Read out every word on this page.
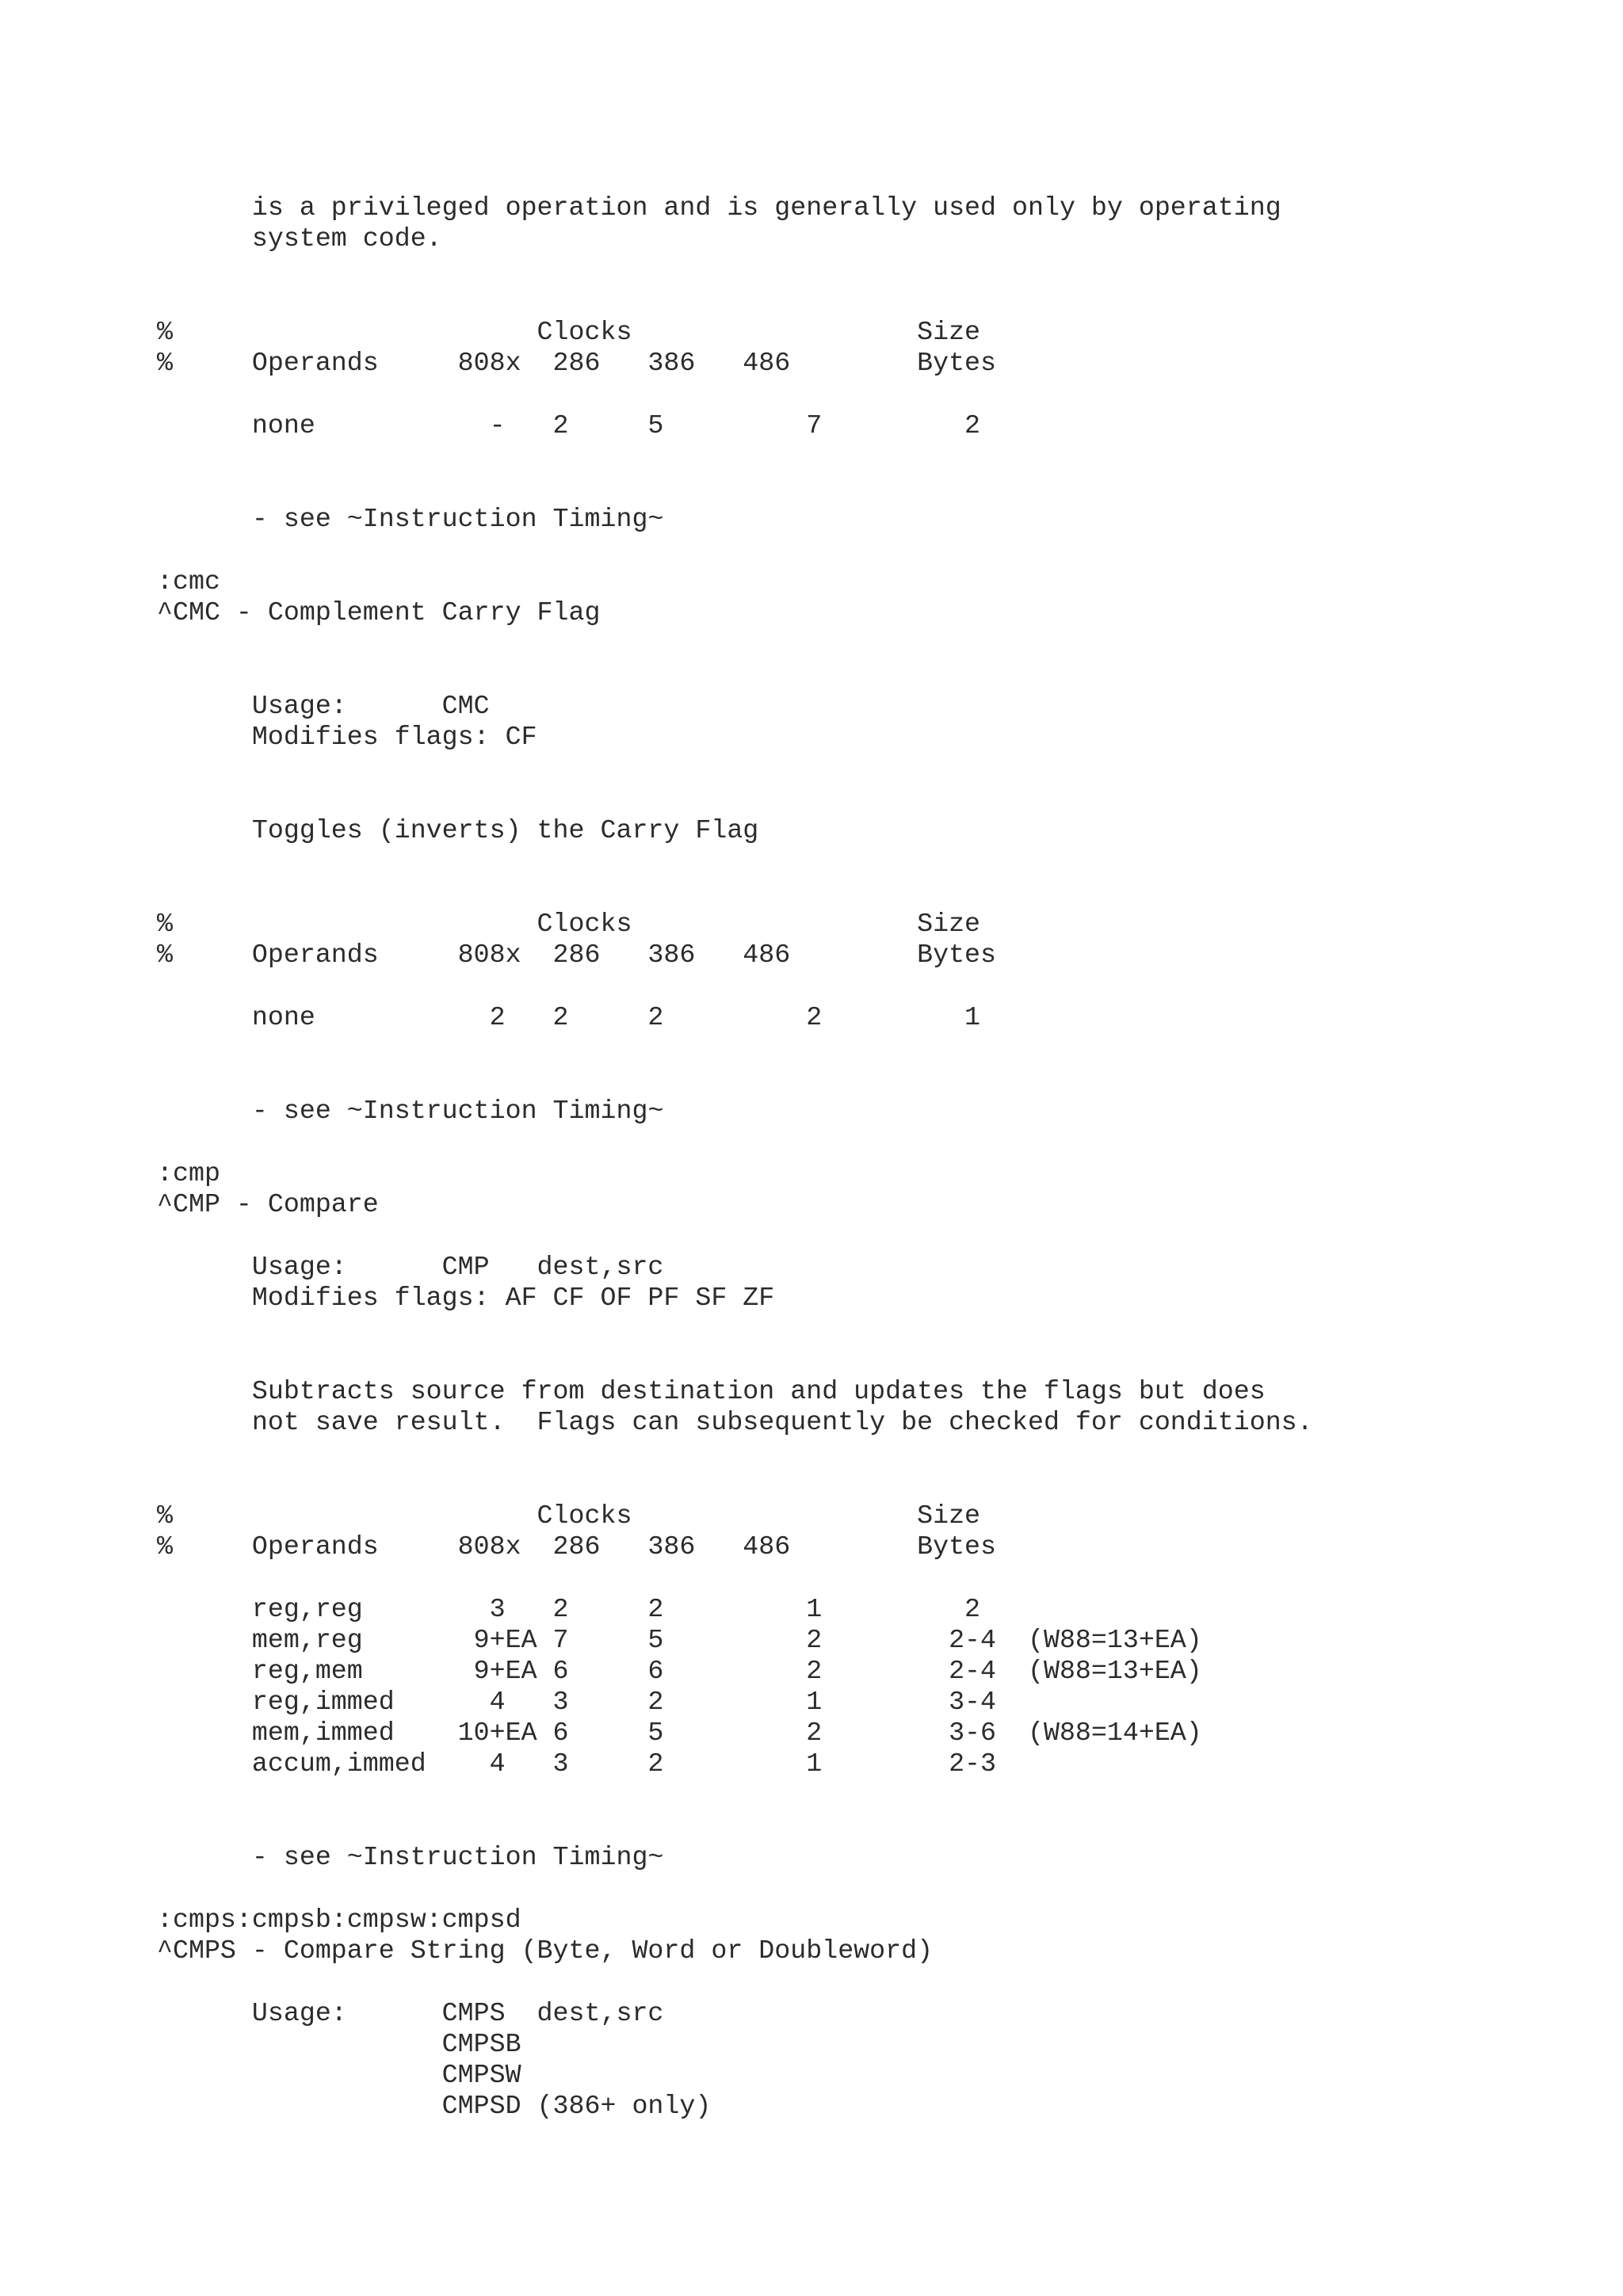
is a privileged operation and is generally used only by operating
system code.
%                       Clocks                  Size
%     Operands     808x  286   386   486        Bytes
none           -   2     5         7         2
- see ~Instruction Timing~
:cmc
^CMC - Complement Carry Flag
Usage:      CMC
Modifies flags: CF
Toggles (inverts) the Carry Flag
%                       Clocks                  Size
%     Operands     808x  286   386   486        Bytes
none           2   2     2         2         1
- see ~Instruction Timing~
:cmp
^CMP - Compare
Usage:      CMP   dest,src
Modifies flags: AF CF OF PF SF ZF
Subtracts source from destination and updates the flags but does
not save result.  Flags can subsequently be checked for conditions.
%                       Clocks                  Size
%     Operands     808x  286   386   486        Bytes
reg,reg        3   2     2         1         2
mem,reg       9+EA 7     5         2        2-4  (W88=13+EA)
reg,mem       9+EA 6     6         2        2-4  (W88=13+EA)
reg,immed      4   3     2         1        3-4
mem,immed    10+EA 6     5         2        3-6  (W88=14+EA)
accum,immed    4   3     2         1        2-3
- see ~Instruction Timing~
:cmps:cmpsb:cmpsw:cmpsd
^CMPS - Compare String (Byte, Word or Doubleword)
Usage:      CMPS  dest,src
CMPSB
CMPSW
CMPSD (386+ only)
